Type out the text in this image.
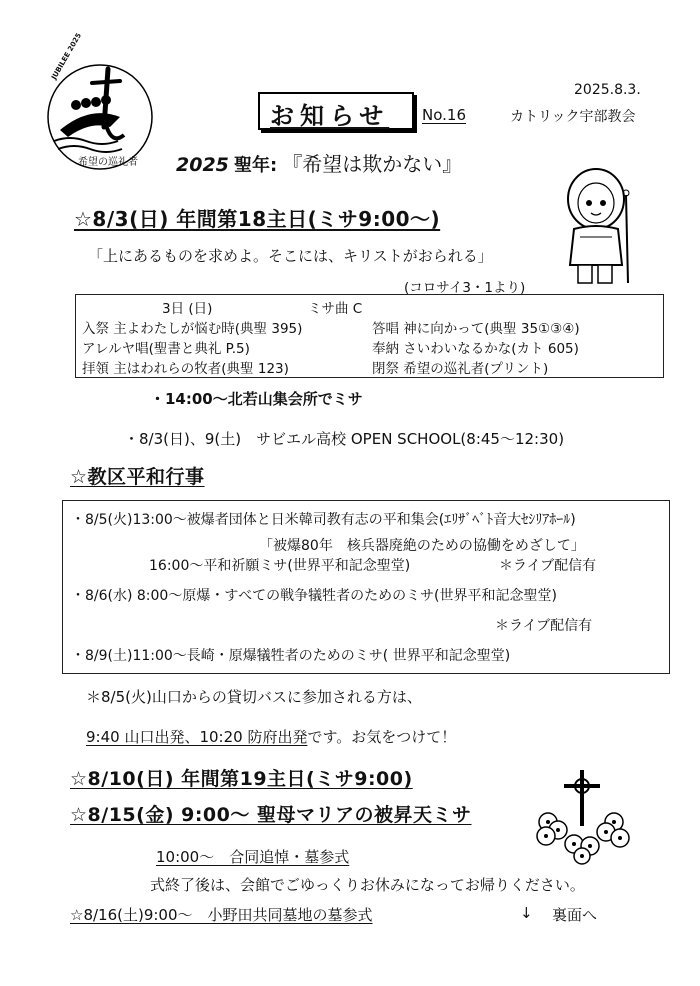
JUBILEE 2025
希望の巡礼者
お知らせ No.16
2025.8.3.
カトリック宇部教会
2025 聖年: 『希望は欺かない』
☆8/3(日) 年間第18主日(ミサ9:00～)
「上にあるものを求めよ。そこには、キリストがおられる」
(コロサイ3・1より)
3日 (日)	ミサ曲 C
入祭 主よわたしが悩む時(典聖 395)	答唱 神に向かって(典聖 35①③④)
アレルヤ唱(聖書と典礼 P.5)	奉納 さいわいなるかな(カト 605)
拝領 主はわれらの牧者(典聖 123)	閉祭 希望の巡礼者(プリント)
・14:00～北若山集会所でミサ
・8/3(日)、9(土)　サビエル高校 OPEN SCHOOL(8:45～12:30)
☆教区平和行事
・8/5(火)13:00～被爆者団体と日米韓司教有志の平和集会(ｴﾘｻﾞﾍﾞﾄ音大ｾｼﾘｱﾎｰﾙ)
「被爆80年　核兵器廃絶のための協働をめざして」
16:00～平和祈願ミサ(世界平和記念聖堂)	＊ライブ配信有
・8/6(水) 8:00～原爆・すべての戦争犠牲者のためのミサ(世界平和記念聖堂)
＊ライブ配信有
・8/9(土)11:00～長崎・原爆犠牲者のためのミサ( 世界平和記念聖堂)
＊8/5(火)山口からの貸切バスに参加される方は、
9:40 山口出発、10:20 防府出発です。お気をつけて！
☆8/10(日) 年間第19主日(ミサ9:00)
☆8/15(金) 9:00～ 聖母マリアの被昇天ミサ
10:00～　合同追悼・墓参式
式終了後は、会館でごゆっくりお休みになってお帰りください。
☆8/16(土)9:00～　小野田共同墓地の墓参式	↓ 裏面へ
